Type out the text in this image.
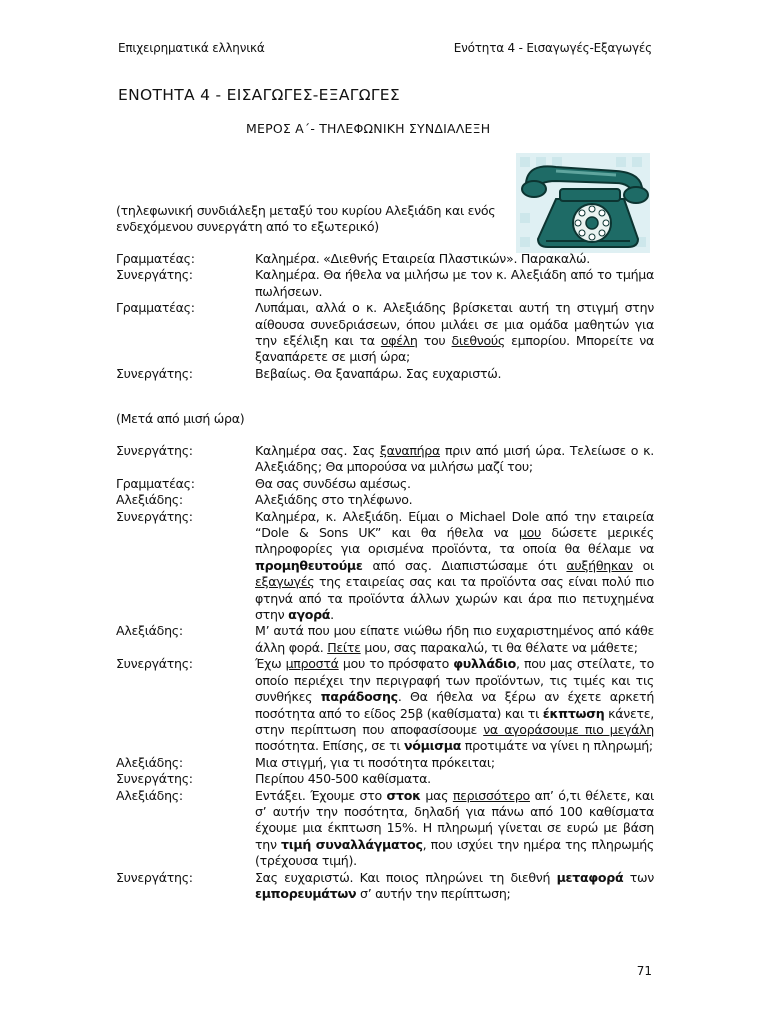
Επιχειρηματικά ελληνικά	Ενότητα 4 - Εισαγωγές-Εξαγωγές
ΕΝΟΤΗΤΑ 4 - ΕΙΣΑΓΩΓΕΣ-ΕΞΑΓΩΓΕΣ
ΜΕΡΟΣ Α΄- ΤΗΛΕΦΩΝΙΚΗ ΣΥΝΔΙΑΛΕΞΗ
(τηλεφωνική συνδιάλεξη μεταξύ του κυρίου Αλεξιάδη και ενός ενδεχόμενου συνεργάτη από το εξωτερικό)
Γραμματέας:	Καλημέρα. «Διεθνής Εταιρεία Πλαστικών». Παρακαλώ.
Συνεργάτης:	Καλημέρα. Θα ήθελα να μιλήσω με τον κ. Αλεξιάδη από το τμήμα πωλήσεων.
Γραμματέας:	Λυπάμαι, αλλά ο κ. Αλεξιάδης βρίσκεται αυτή τη στιγμή στην αίθουσα συνεδριάσεων, όπου μιλάει σε μια ομάδα μαθητών για την εξέλιξη και τα οφέλη του διεθνούς εμπορίου. Μπορείτε να ξαναπάρετε σε μισή ώρα;
Συνεργάτης:	Βεβαίως. Θα ξαναπάρω. Σας ευχαριστώ.
(Μετά από μισή ώρα)
Συνεργάτης:	Καλημέρα σας. Σας ξαναπήρα πριν από μισή ώρα. Τελείωσε ο κ. Αλεξιάδης; Θα μπορούσα να μιλήσω μαζί του;
Γραμματέας:	Θα σας συνδέσω αμέσως.
Αλεξιάδης:	Αλεξιάδης στο τηλέφωνο.
Συνεργάτης:	Καλημέρα, κ. Αλεξιάδη. Είμαι ο Michael Dole από την εταιρεία “Dole & Sons UK” και θα ήθελα να μου δώσετε μερικές πληροφορίες για ορισμένα προϊόντα, τα οποία θα θέλαμε να προμηθευτούμε από σας. Διαπιστώσαμε ότι αυξήθηκαν οι εξαγωγές της εταιρείας σας και τα προϊόντα σας είναι πολύ πιο φτηνά από τα προϊόντα άλλων χωρών και άρα πιο πετυχημένα στην αγορά.
Αλεξιάδης:	Μ’ αυτά που μου είπατε νιώθω ήδη πιο ευχαριστημένος από κάθε άλλη φορά. Πείτε μου, σας παρακαλώ, τι θα θέλατε να μάθετε;
Συνεργάτης:	Έχω μπροστά μου το πρόσφατο φυλλάδιο, που μας στείλατε, το οποίο περιέχει την περιγραφή των προϊόντων, τις τιμές και τις συνθήκες παράδοσης. Θα ήθελα να ξέρω αν έχετε αρκετή ποσότητα από το είδος 25β (καθίσματα) και τι έκπτωση κάνετε, στην περίπτωση που αποφασίσουμε να αγοράσουμε πιο μεγάλη ποσότητα. Επίσης, σε τι νόμισμα προτιμάτε να γίνει η πληρωμή;
Αλεξιάδης:	Μια στιγμή, για τι ποσότητα πρόκειται;
Συνεργάτης:	Περίπου 450-500 καθίσματα.
Αλεξιάδης:	Εντάξει. Έχουμε στο στοκ μας περισσότερο απ’ ό,τι θέλετε, και σ’ αυτήν την ποσότητα, δηλαδή για πάνω από 100 καθίσματα έχουμε μια έκπτωση 15%. Η πληρωμή γίνεται σε ευρώ με βάση την τιμή συναλλάγματος, που ισχύει την ημέρα της πληρωμής (τρέχουσα τιμή).
Συνεργάτης:	Σας ευχαριστώ. Και ποιος πληρώνει τη διεθνή μεταφορά των εμπορευμάτων σ’ αυτήν την περίπτωση;
71
